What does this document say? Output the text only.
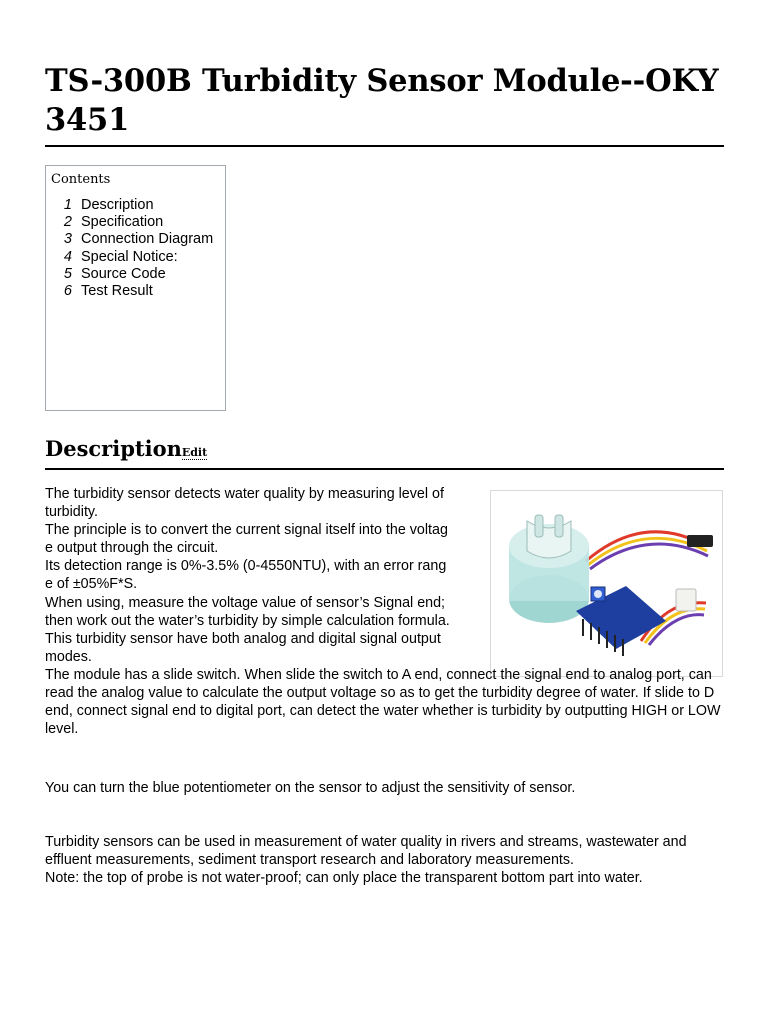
TS-300B Turbidity Sensor Module--OKY3451
Contents
1 Description
2 Specification
3 Connection Diagram
4 Special Notice:
5 Source Code
6 Test Result
DescriptionEdit

The turbidity sensor detects water quality by measuring level of

turbidity.

The principle is to convert the current signal itself into the voltag

e output through the circuit.

Its detection range is 0%-3.5% (0-4550NTU), with an error rang

e of ±05%F*S.

When using, measure the voltage value of sensor’s Signal end;

then work out the water’s turbidity by simple calculation formula.

This turbidity sensor have both analog and digital signal output

modes.

The module has a slide switch. When slide the switch to A end, connect the signal end to analog port, can read the analog value to calculate the output voltage so as to get the turbidity degree of water. If slide to D end, connect signal end to digital port, can detect the water whether is turbidity by outputting HIGH or LOW level.

You can turn the blue potentiometer on the sensor to adjust the sensitivity of sensor.

Turbidity sensors can be used in measurement of water quality in rivers and streams, wastewater and effluent measurements, sediment transport research and laboratory measurements.

Note: the top of probe is not water-proof; can only place the transparent bottom part into water.
